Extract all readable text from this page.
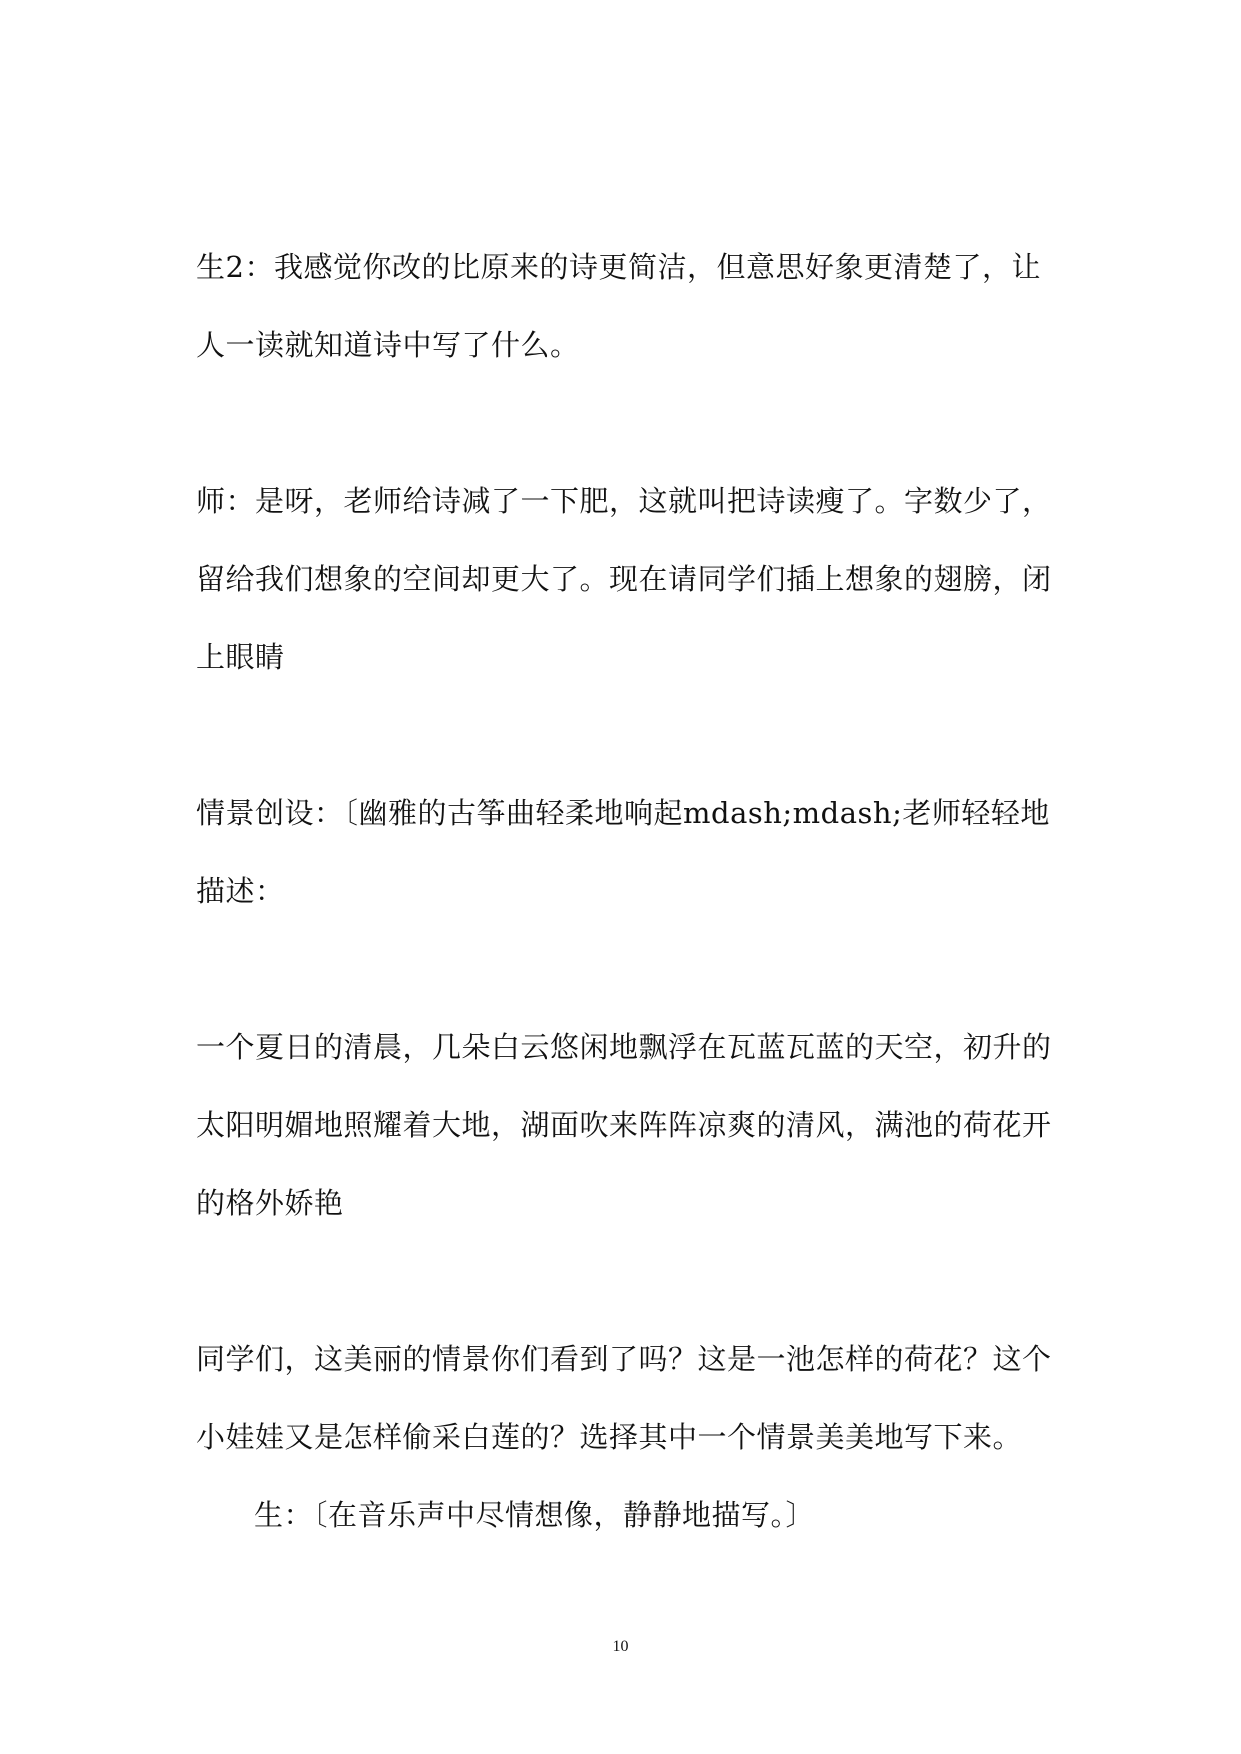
生2：我感觉你改的比原来的诗更简洁，但意思好象更清楚了，让人一读就知道诗中写了什么。

师：是呀，老师给诗减了一下肥，这就叫把诗读瘦了。字数少了，留给我们想象的空间却更大了。现在请同学们插上想象的翅膀，闭上眼睛

情景创设：〔幽雅的古筝曲轻柔地响起mdash;mdash;老师轻轻地描述：

一个夏日的清晨，几朵白云悠闲地飘浮在瓦蓝瓦蓝的天空，初升的太阳明媚地照耀着大地，湖面吹来阵阵凉爽的清风，满池的荷花开的格外娇艳

同学们，这美丽的情景你们看到了吗？这是一池怎样的荷花？这个小娃娃又是怎样偷采白莲的？选择其中一个情景美美地写下来。

生：〔在音乐声中尽情想像，静静地描写。〕

10
